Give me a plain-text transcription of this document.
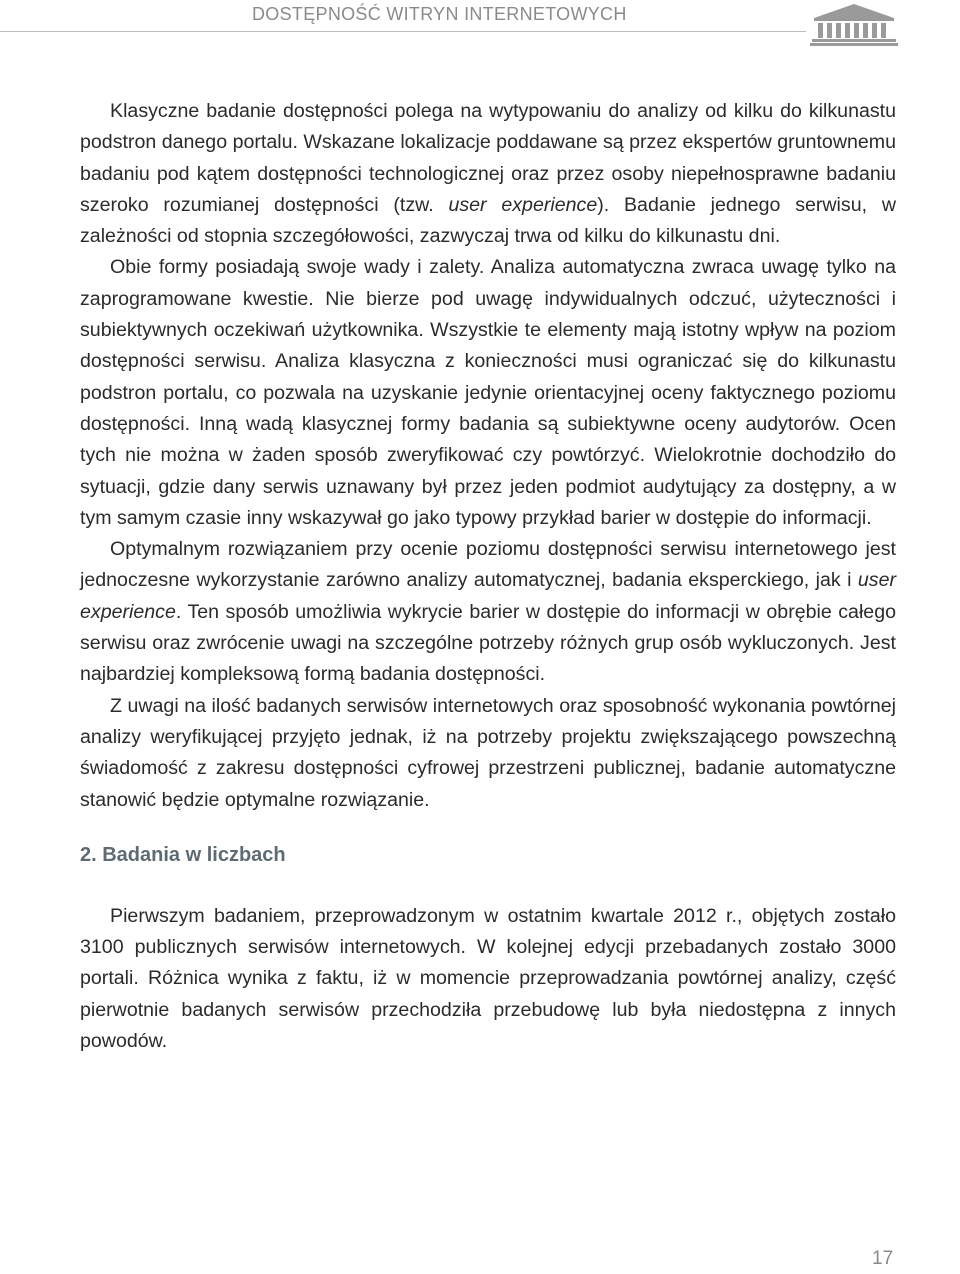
DOSTĘPNOŚĆ WITRYN INTERNETOWYCH

Klasyczne badanie dostępności polega na wytypowaniu do analizy od kilku do kilkunastu podstron danego portalu. Wskazane lokalizacje poddawane są przez ekspertów gruntownemu badaniu pod kątem dostępności technologicznej oraz przez osoby niepełnosprawne badaniu szeroko rozumianej dostępności (tzw. user experience). Badanie jednego serwisu, w zależności od stopnia szczegółowości, zazwyczaj trwa od kilku do kilkunastu dni.

Obie formy posiadają swoje wady i zalety. Analiza automatyczna zwraca uwagę tylko na zaprogramowane kwestie. Nie bierze pod uwagę indywidualnych odczuć, użyteczności i subiektywnych oczekiwań użytkownika. Wszystkie te elementy mają istotny wpływ na poziom dostępności serwisu. Analiza klasyczna z konieczności musi ograniczać się do kilkunastu podstron portalu, co pozwala na uzyskanie jedynie orientacyjnej oceny faktycznego poziomu dostępności. Inną wadą klasycznej formy badania są subiektywne oceny audytorów. Ocen tych nie można w żaden sposób zweryfikować czy powtórzyć. Wielokrotnie dochodziło do sytuacji, gdzie dany serwis uznawany był przez jeden podmiot audytujący za dostępny, a w tym samym czasie inny wskazywał go jako typowy przykład barier w dostępie do informacji.

Optymalnym rozwiązaniem przy ocenie poziomu dostępności serwisu internetowego jest jednoczesne wykorzystanie zarówno analizy automatycznej, badania eksperckiego, jak i user experience. Ten sposób umożliwia wykrycie barier w dostępie do informacji w obrębie całego serwisu oraz zwrócenie uwagi na szczególne potrzeby różnych grup osób wykluczonych. Jest najbardziej kompleksową formą badania dostępności.

Z uwagi na ilość badanych serwisów internetowych oraz sposobność wykonania powtórnej analizy weryfikującej przyjęto jednak, iż na potrzeby projektu zwiększającego powszechną świadomość z zakresu dostępności cyfrowej przestrzeni publicznej, badanie automatyczne stanowić będzie optymalne rozwiązanie.

2. Badania w liczbach

Pierwszym badaniem, przeprowadzonym w ostatnim kwartale 2012 r., objętych zostało 3100 publicznych serwisów internetowych. W kolejnej edycji przebadanych zostało 3000 portali. Różnica wynika z faktu, iż w momencie przeprowadzania powtórnej analizy, część pierwotnie badanych serwisów przechodziła przebudowę lub była niedostępna z innych powodów.

17
